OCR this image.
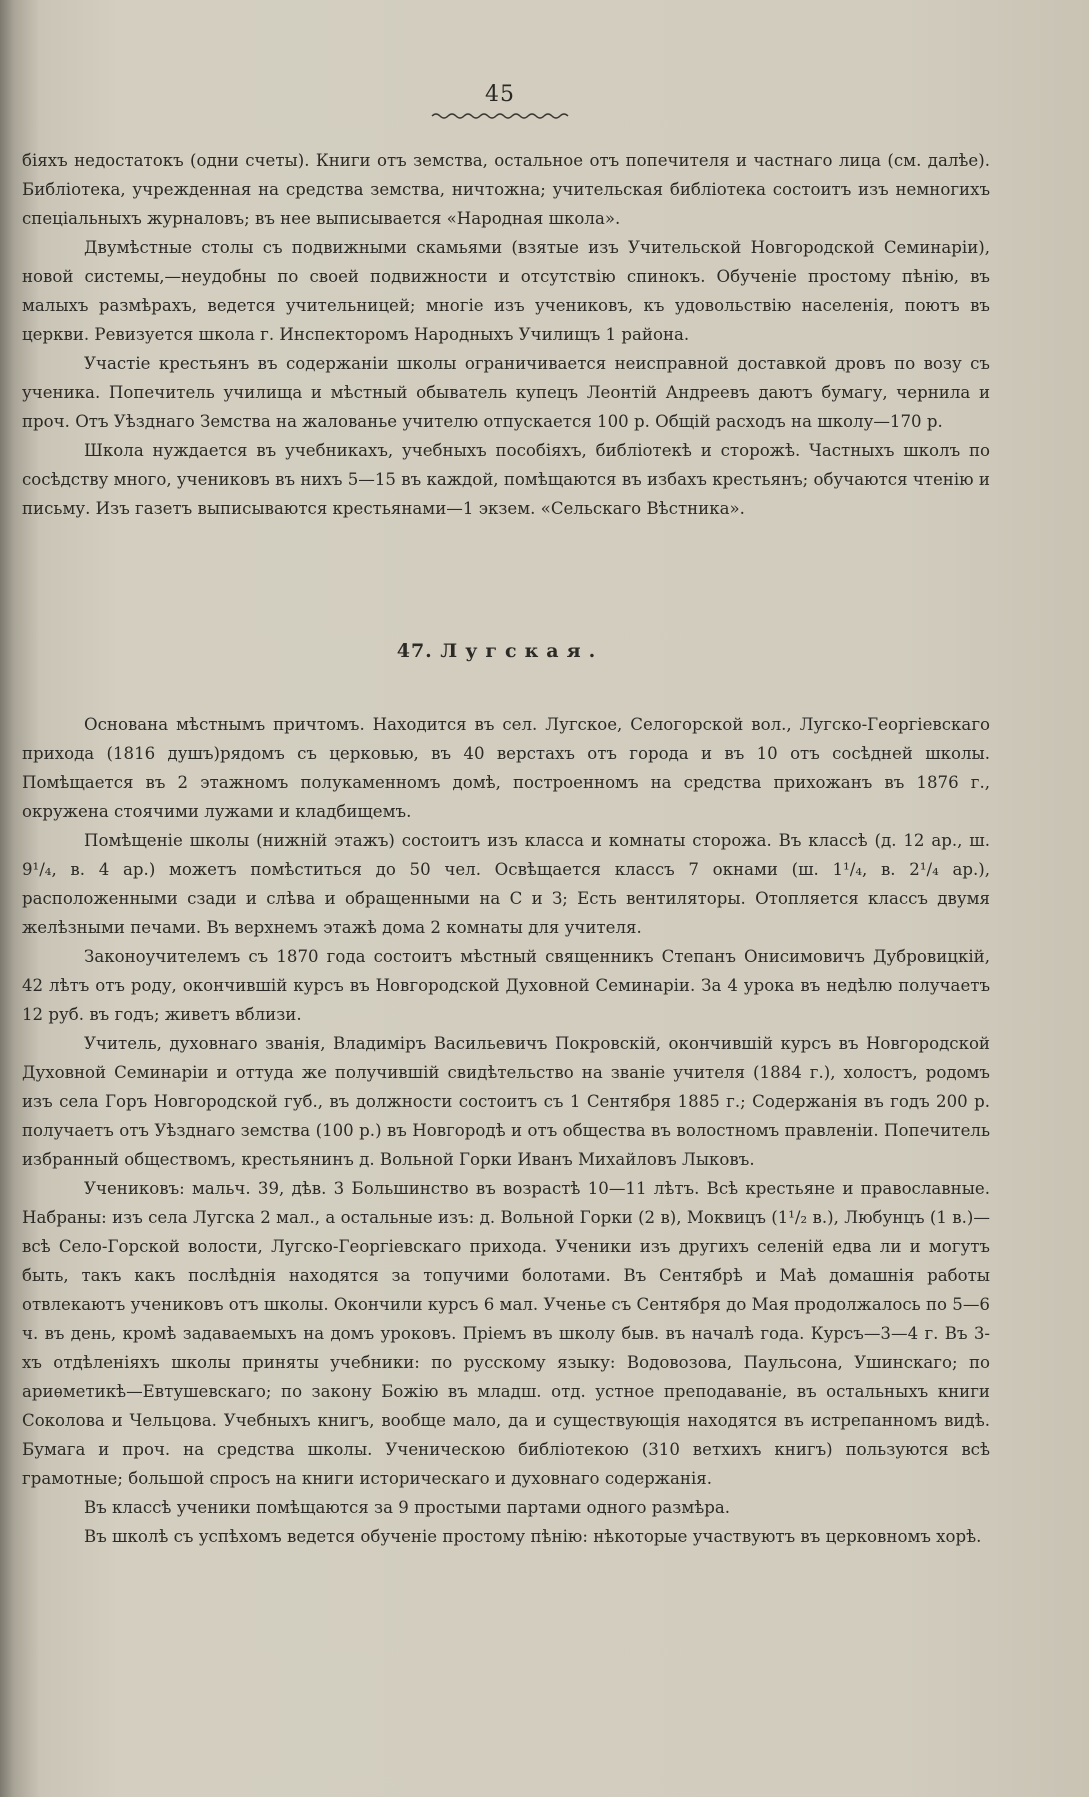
45

біяхъ недостатокъ (одни счеты). Книги отъ земства, остальное отъ попечителя и частнаго лица (см. далѣе). Библіотека, учрежденная на средства земства, ничтожна; учительская библіотека состоитъ изъ немногихъ спеціальныхъ журналовъ; въ нее выписывается «Народная школа».

Двумѣстные столы съ подвижными скамьями (взятые изъ Учительской Новгородской Семинаріи), новой системы,—неудобны по своей подвижности и отсутствію спинокъ. Обученіе простому пѣнію, въ малыхъ размѣрахъ, ведется учительницей; многіе изъ учениковъ, къ удовольствію населенія, поютъ въ церкви. Ревизуется школа г. Инспекторомъ Народныхъ Училищъ 1 района.

Участіе крестьянъ въ содержаніи школы ограничивается неисправной доставкой дровъ по возу съ ученика. Попечитель училища и мѣстный обыватель купецъ Леонтій Андреевъ даютъ бумагу, чернила и проч. Отъ Уѣзднаго Земства на жалованье учителю отпускается 100 р. Общій расходъ на школу—170 р.

Школа нуждается въ учебникахъ, учебныхъ пособіяхъ, библіотекѣ и сторожѣ. Частныхъ школъ по сосѣдству много, учениковъ въ нихъ 5—15 въ каждой, помѣщаются въ избахъ крестьянъ; обучаются чтенію и письму. Изъ газетъ выписываются крестьянами—1 экзем. «Сельскаго Вѣстника».

47. Лугская.

Основана мѣстнымъ причтомъ. Находится въ сел. Лугское, Селогорской вол., Лугско-Георгіевскаго прихода (1816 душъ)рядомъ съ церковью, въ 40 верстахъ отъ города и въ 10 отъ сосѣдней школы. Помѣщается въ 2 этажномъ полукаменномъ домѣ, построенномъ на средства прихожанъ въ 1876 г., окружена стоячими лужами и кладбищемъ.

Помѣщеніе школы (нижній этажъ) состоитъ изъ класса и комнаты сторожа. Въ классѣ (д. 12 ар., ш. 9¹/₄, в. 4 ар.) можетъ помѣститься до 50 чел. Освѣщается классъ 7 окнами (ш. 1¹/₄, в. 2¹/₄ ар.), расположенными сзади и слѣва и обращенными на С и З; Есть вентиляторы. Отопляется классъ двумя желѣзными печами. Въ верхнемъ этажѣ дома 2 комнаты для учителя.

Законоучителемъ съ 1870 года состоитъ мѣстный священникъ Степанъ Онисимовичъ Дубровицкій, 42 лѣтъ отъ роду, окончившій курсъ въ Новгородской Духовной Семинаріи. За 4 урока въ недѣлю получаетъ 12 руб. въ годъ; живетъ вблизи.

Учитель, духовнаго званія, Владиміръ Васильевичъ Покровскій, окончившій курсъ въ Новгородской Духовной Семинаріи и оттуда же получившій свидѣтельство на званіе учителя (1884 г.), холостъ, родомъ изъ села Горъ Новгородской губ., въ должности состоитъ съ 1 Сентября 1885 г.; Содержанія въ годъ 200 р. получаетъ отъ Уѣзднаго земства (100 р.) въ Новгородѣ и отъ общества въ волостномъ правленіи. Попечитель избранный обществомъ, крестьянинъ д. Вольной Горки Иванъ Михайловъ Лыковъ.

Учениковъ: мальч. 39, дѣв. 3 Большинство въ возрастѣ 10—11 лѣтъ. Всѣ крестьяне и православные. Набраны: изъ села Лугска 2 мал., а остальные изъ: д. Вольной Горки (2 в), Моквицъ (1¹/₂ в.), Любунцъ (1 в.)—всѣ Село-Горской волости, Лугско-Георгіевскаго прихода. Ученики изъ другихъ селеній едва ли и могутъ быть, такъ какъ послѣднія находятся за топучими болотами. Въ Сентябрѣ и Маѣ домашнія работы отвлекаютъ учениковъ отъ школы. Окончили курсъ 6 мал. Ученье съ Сентября до Мая продолжалось по 5—6 ч. въ день, кромѣ задаваемыхъ на домъ уроковъ. Пріемъ въ школу быв. въ началѣ года. Курсъ—3—4 г. Въ 3-хъ отдѣленіяхъ школы приняты учебники: по русскому языку: Водовозова, Паульсона, Ушинскаго; по ариѳметикѣ—Евтушевскаго; по закону Божію въ младш. отд. устное преподаваніе, въ остальныхъ книги Соколова и Чельцова. Учебныхъ книгъ, вообще мало, да и существующія находятся въ истрепанномъ видѣ. Бумага и проч. на средства школы. Ученическою библіотекою (310 ветхихъ книгъ) пользуются всѣ грамотные; большой спросъ на книги историческаго и духовнаго содержанія.

Въ классѣ ученики помѣщаются за 9 простыми партами одного размѣра.

Въ школѣ съ успѣхомъ ведется обученіе простому пѣнію: нѣкоторые участвуютъ въ церковномъ хорѣ.
